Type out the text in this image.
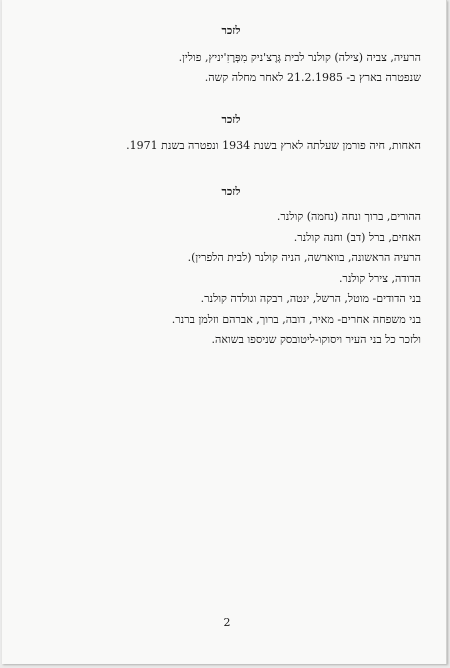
לזכר
הרעיה, צביה (צילה) קולנר לבית גְּרֶצ'ניק מִפְּרֶזִ'יניץ, פולין.
שנפטרה בארץ ב- 21.2.1985 לאחר מחלה קשה.
לזכר
האחות, חיה פורמן שעלתה לארץ בשנת 1934 ונפטרה בשנת 1971.
לזכר
ההורים, ברוך ונחה (נחמה) קולנר.
האחים, ברל (דב) וחנה קולנר.
הרעיה הראשונה, בווארשה, הניה קולנר (לבית הלפרין).
הדודה, צירל קולנר.
בני הדודים- מוטל, הרשל, ינטה, רבקה וגולדה קולנר.
בני משפחה אחרים- מאיר, דובה, ברוך, אברהם וזלמן ברנר.
ולזכר כל בני העיר ויסוקו-ליטובסק שניספו בשואה.
2
